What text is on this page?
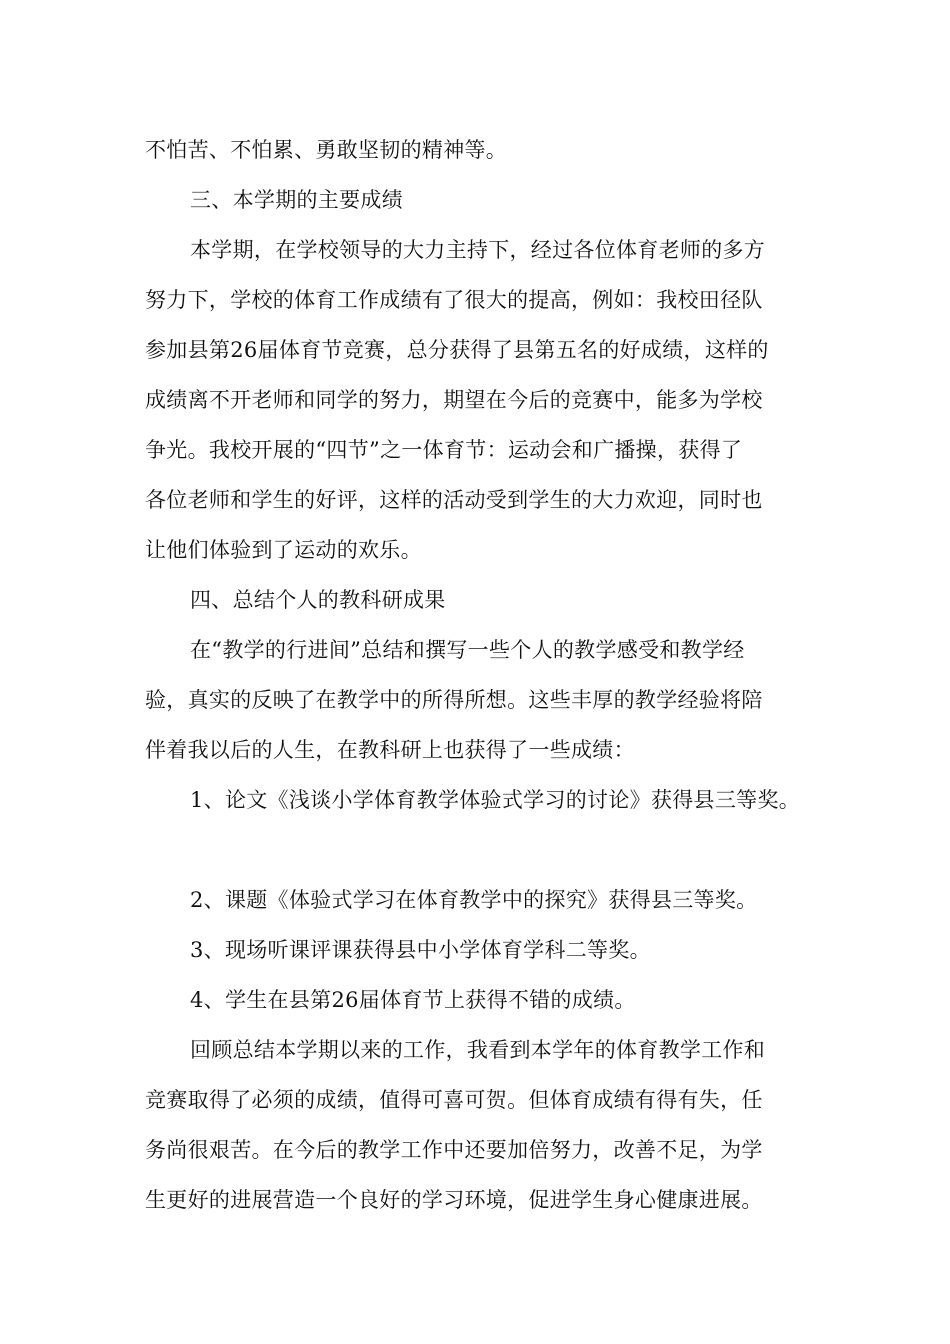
不怕苦、不怕累、勇敢坚韧的精神等。
三、本学期的主要成绩
本学期，在学校领导的大力主持下，经过各位体育老师的多方
努力下，学校的体育工作成绩有了很大的提高，例如：我校田径队
参加县第26届体育节竞赛，总分获得了县第五名的好成绩，这样的
成绩离不开老师和同学的努力，期望在今后的竞赛中，能多为学校
争光。我校开展的“四节”之一体育节：运动会和广播操，获得了
各位老师和学生的好评，这样的活动受到学生的大力欢迎，同时也
让他们体验到了运动的欢乐。
四、总结个人的教科研成果
在“教学的行进间”总结和撰写一些个人的教学感受和教学经
验，真实的反映了在教学中的所得所想。这些丰厚的教学经验将陪
伴着我以后的人生，在教科研上也获得了一些成绩：
1、论文《浅谈小学体育教学体验式学习的讨论》获得县三等奖。
2、课题《体验式学习在体育教学中的探究》获得县三等奖。
3、现场听课评课获得县中小学体育学科二等奖。
4、学生在县第26届体育节上获得不错的成绩。
回顾总结本学期以来的工作，我看到本学年的体育教学工作和
竞赛取得了必须的成绩，值得可喜可贺。但体育成绩有得有失，任
务尚很艰苦。在今后的教学工作中还要加倍努力，改善不足，为学
生更好的进展营造一个良好的学习环境，促进学生身心健康进展。
